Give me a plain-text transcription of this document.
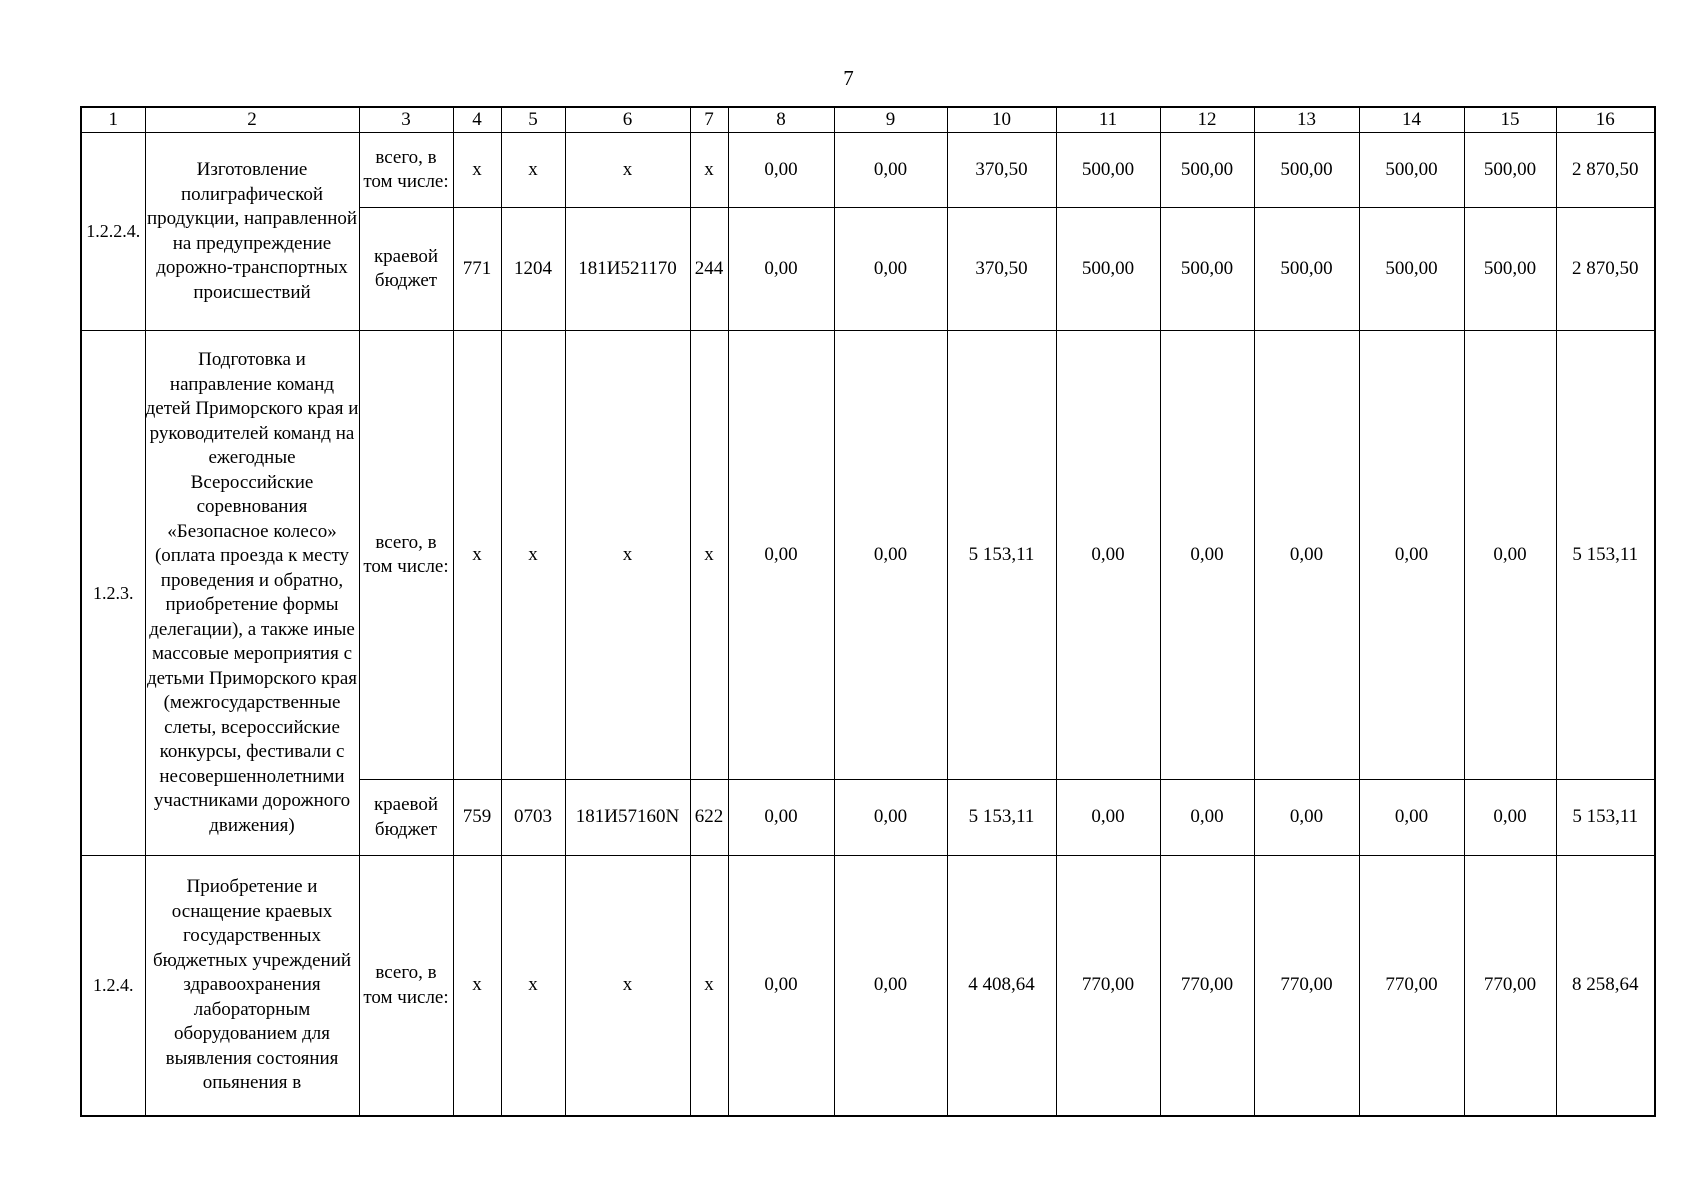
7
1	2	3	4	5	6	7	8	9	10	11	12	13	14	15	16
1.2.2.4.	Изготовление полиграфической продукции, направленной на предупреждение дорожно-транспортных происшествий	всего, в том числе:	x	x	x	x	0,00	0,00	370,50	500,00	500,00	500,00	500,00	500,00	2 870,50
		краевой бюджет	771	1204	181И521170	244	0,00	0,00	370,50	500,00	500,00	500,00	500,00	500,00	2 870,50
1.2.3.	Подготовка и направление команд детей Приморского края и руководителей команд на ежегодные Всероссийские соревнования «Безопасное колесо» (оплата проезда к месту проведения и обратно, приобретение формы делегации), а также иные массовые мероприятия с детьми Приморского края (межгосударственные слеты, всероссийские конкурсы, фестивали с несовершеннолетними участниками дорожного движения)	всего, в том числе:	x	x	x	x	0,00	0,00	5 153,11	0,00	0,00	0,00	0,00	0,00	5 153,11
		краевой бюджет	759	0703	181И57160N	622	0,00	0,00	5 153,11	0,00	0,00	0,00	0,00	0,00	5 153,11
1.2.4.	Приобретение и оснащение краевых государственных бюджетных учреждений здравоохранения лабораторным оборудованием для выявления состояния опьянения в	всего, в том числе:	x	x	x	x	0,00	0,00	4 408,64	770,00	770,00	770,00	770,00	770,00	8 258,64
